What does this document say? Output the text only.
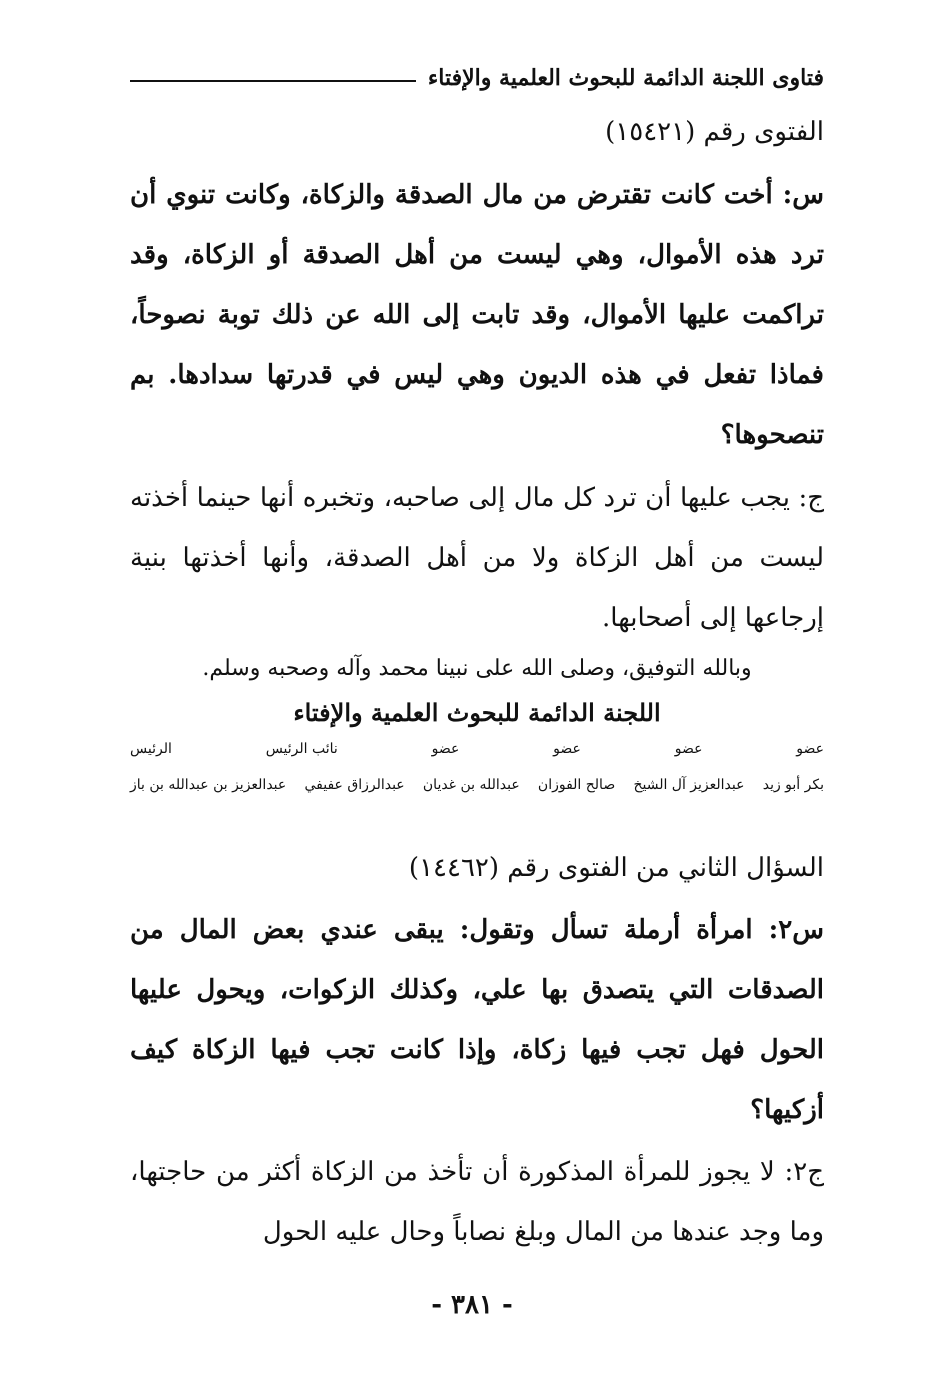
فتاوى اللجنة الدائمة للبحوث العلمية والإفتاء
الفتوى رقم (١٥٤٢١)
س: أخت كانت تقترض من مال الصدقة والزكاة، وكانت تنوي أن ترد هذه الأموال، وهي ليست من أهل الصدقة أو الزكاة، وقد تراكمت عليها الأموال، وقد تابت إلى الله عن ذلك توبة نصوحاً، فماذا تفعل في هذه الديون وهي ليس في قدرتها سدادها. بم تنصحوها؟
ج: يجب عليها أن ترد كل مال إلى صاحبه، وتخبره أنها حينما أخذته ليست من أهل الزكاة ولا من أهل الصدقة، وأنها أخذتها بنية إرجاعها إلى أصحابها.
وبالله التوفيق، وصلى الله على نبينا محمد وآله وصحبه وسلم.
اللجنة الدائمة للبحوث العلمية والإفتاء
عضو
عضو
عضو
عضو
نائب الرئيس
الرئيس
بكر أبو زيد
عبدالعزيز آل الشيخ
صالح الفوزان
عبدالله بن غديان
عبدالرزاق عفيفي
عبدالعزيز بن عبدالله بن باز
السؤال الثاني من الفتوى رقم (١٤٤٦٢)
س٢: امرأة أرملة تسأل وتقول: يبقى عندي بعض المال من الصدقات التي يتصدق بها علي، وكذلك الزكوات، ويحول عليها الحول فهل تجب فيها زكاة، وإذا كانت تجب فيها الزكاة كيف أزكيها؟
ج٢: لا يجوز للمرأة المذكورة أن تأخذ من الزكاة أكثر من حاجتها، وما وجد عندها من المال وبلغ نصاباً وحال عليه الحول
- ٣٨١ -
